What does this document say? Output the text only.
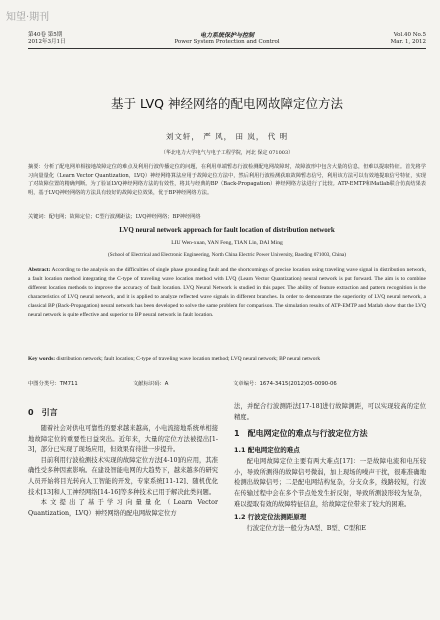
知望·期刊
第40卷 第5期
2012年3月1日
电力系统保护与控制
Power System Protection and Control
Vol.40 No.5
Mar. 1, 2012
基于 LVQ 神经网络的配电网故障定位方法
刘文轩， 严 风， 田 岚， 代 明
（华北电力大学电气与电子工程学院，河北 保定 071003）
摘要：分析了配电网单相接地故障定位的难点及利用行波传播定位的问题，在利用单端暂态行波检测配电网故障时，故障波形中包含大量的信息，但难以提取特征。首先将学习向量量化（Learn Vector Quantization，LVQ）神经网络算法应用于故障定位方法中，然后利用行波检测获取故障暂态信号，利用该方法可以有效地提取信号特征，实现了对故障位置的精确判断。为了验证LVQ神经网络方法的有效性，将其与经典的BP（Back-Propagation）神经网络方法进行了比较。ATP-EMTP和Matlab联合仿真结果表明，基于LVQ神经网络的方法具有较好的故障定位效果，优于BP神经网络方法。
关键词：配电网；故障定位；C型行波测距法；LVQ神经网络；BP神经网络
LVQ neural network approach for fault location of distribution network
LIU Wen-xuan, YAN Feng, TIAN Lin, DAI Ming
(School of Electrical and Electronic Engineering, North China Electric Power University, Baoding 071003, China)
Abstract: According to the analysis on the difficulties of single phase grounding fault and the shortcomings of precise location using traveling wave signal in distribution network, a fault location method integrating the C-type of traveling wave location method with LVQ (Learn Vector Quantization) neural network is put forward. The aim is to combine different location methods to improve the accuracy of fault location. LVQ Neural Network is studied in this paper. The ability of feature extraction and pattern recognition is the characteristics of LVQ neural network, and it is applied to analyze reflected wave signals in different branches. In order to demonstrate the superiority of LVQ neural network, a classical BP (Back-Propagation) neural network has been developed to solve the same problem for comparison. The simulation results of ATP-EMTP and Matlab show that the LVQ neural network is quite effective and superior to BP neural network in fault location.
Key words: distribution network; fault location; C-type of traveling wave location method; LVQ neural network; BP neural network
中图分类号：TM711	文献标识码：A	文章编号：1674-3415(2012)05-0090-06
0　引言

随着社会对供电可靠性的要求越来越高，小电流接地系统单相接地故障定位的重要性日益突出。近年来，大量的定位方法被提出[1-3]，部分已实现了现场应用，但效果有待进一步提升。

目前利用行波检测技术实现的故障定位方法[4-10]的应用，其准确性受多种因素影响。在建设智能电网的大趋势下，越来越多的研究人员开始将目光转向人工智能的开发，专家系统[11-12]、随机优化技术[13]和人工神经网络[14-16]等多种技术已用于解决此类问题。

本文提出了基于学习向量量化（Learn Vector Quantization，LVQ）神经网络的配电网故障定位方

法，并配合行波测距法[17-18]进行故障测距，可以实现较高的定位精度。

1　配电网定位的难点与行波定位方法
1.1 配电网定位的难点

配电网故障定位主要有两大难点[17]：一是故障电流和电压较小，导致所测得的故障信号微弱，加上现场的噪声干扰，很难准确地检测出故障信号；二是配电网结构复杂，分支众多，线路较短，行波在传输过程中会在多个节点处发生折反射，导致所测波形较为复杂，难以提取有效的故障特征信息，给故障定位带来了较大的困难。

1.2 行波定位法测距原理

行波定位方法一般分为A型、B型、C型和E
